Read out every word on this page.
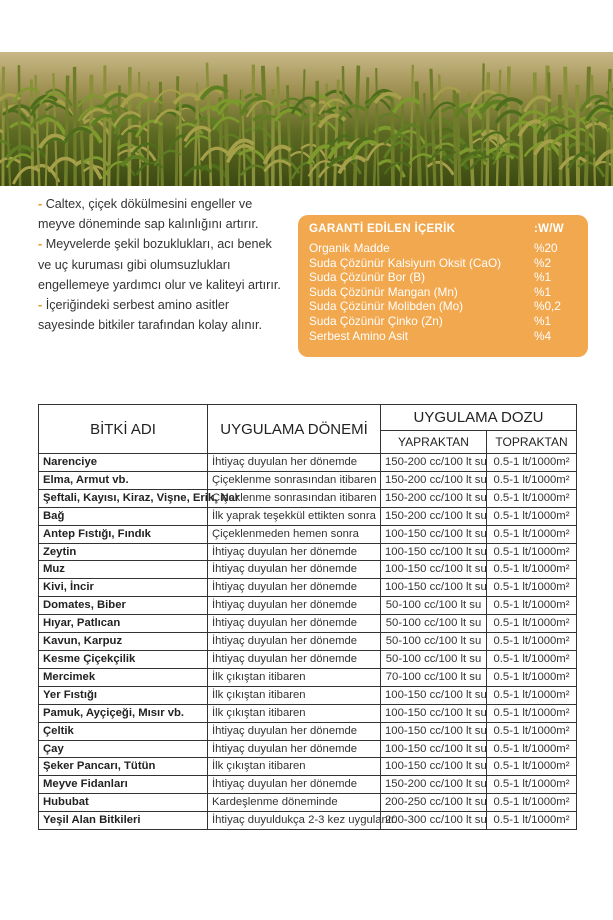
- Caltex, çiçek dökülmesini engeller ve meyve döneminde sap kalınlığını artırır.

- Meyvelerde şekil bozuklukları, acı benek ve uç kuruması gibi olumsuzlukları engellemeye yardımcı olur ve kaliteyi artırır.

- İçeriğindeki serbest amino asitler sayesinde bitkiler tarafından kolay alınır.

GARANTİ EDİLEN İÇERİK	:W/W
Organik Madde	%20
Suda Çözünür Kalsiyum Oksit (CaO)	%2
Suda Çözünür Bor (B)	%1
Suda Çözünür Mangan (Mn)	%1
Suda Çözünür Molibden (Mo)	%0,2
Suda Çözünür Çinko (Zn)	%1
Serbest Amino Asit	%4
BİTKİ ADI	UYGULAMA DÖNEMİ	UYGULAMA DOZU	
		YAPRAKTAN	TOPRAKTAN
Narenciye	İhtiyaç duyulan her dönemde	150-200 cc/100 lt su	0.5-1 lt/1000m²
Elma, Armut vb.	Çiçeklenme sonrasından itibaren	150-200 cc/100 lt su	0.5-1 lt/1000m²
Şeftali, Kayısı, Kiraz, Vişne, Erik, Nar	Çiçeklenme sonrasından itibaren	150-200 cc/100 lt su	0.5-1 lt/1000m²
Bağ	İlk yaprak teşekkül ettikten sonra	150-200 cc/100 lt su	0.5-1 lt/1000m²
Antep Fıstığı, Fındık	Çiçeklenmeden hemen sonra	100-150 cc/100 lt su	0.5-1 lt/1000m²
Zeytin	İhtiyaç duyulan her dönemde	100-150 cc/100 lt su	0.5-1 lt/1000m²
Muz	İhtiyaç duyulan her dönemde	100-150 cc/100 lt su	0.5-1 lt/1000m²
Kivi, İncir	İhtiyaç duyulan her dönemde	100-150 cc/100 lt su	0.5-1 lt/1000m²
Domates, Biber	İhtiyaç duyulan her dönemde	50-100 cc/100 lt su	0.5-1 lt/1000m²
Hıyar, Patlıcan	İhtiyaç duyulan her dönemde	50-100 cc/100 lt su	0.5-1 lt/1000m²
Kavun, Karpuz	İhtiyaç duyulan her dönemde	50-100 cc/100 lt su	0.5-1 lt/1000m²
Kesme Çiçekçilik	İhtiyaç duyulan her dönemde	50-100 cc/100 lt su	0.5-1 lt/1000m²
Mercimek	İlk çıkıştan itibaren	70-100 cc/100 lt su	0.5-1 lt/1000m²
Yer Fıstığı	İlk çıkıştan itibaren	100-150 cc/100 lt su	0.5-1 lt/1000m²
Pamuk, Ayçiçeği, Mısır vb.	İlk çıkıştan itibaren	100-150 cc/100 lt su	0.5-1 lt/1000m²
Çeltik	İhtiyaç duyulan her dönemde	100-150 cc/100 lt su	0.5-1 lt/1000m²
Çay	İhtiyaç duyulan her dönemde	100-150 cc/100 lt su	0.5-1 lt/1000m²
Şeker Pancarı, Tütün	İlk çıkıştan itibaren	100-150 cc/100 lt su	0.5-1 lt/1000m²
Meyve Fidanları	İhtiyaç duyulan her dönemde	150-200 cc/100 lt su	0.5-1 lt/1000m²
Hububat	Kardeşlenme döneminde	200-250 cc/100 lt su	0.5-1 lt/1000m²
Yeşil Alan Bitkileri	İhtiyaç duyuldukça 2-3 kez uygulanır.	200-300 cc/100 lt su	0.5-1 lt/1000m²
